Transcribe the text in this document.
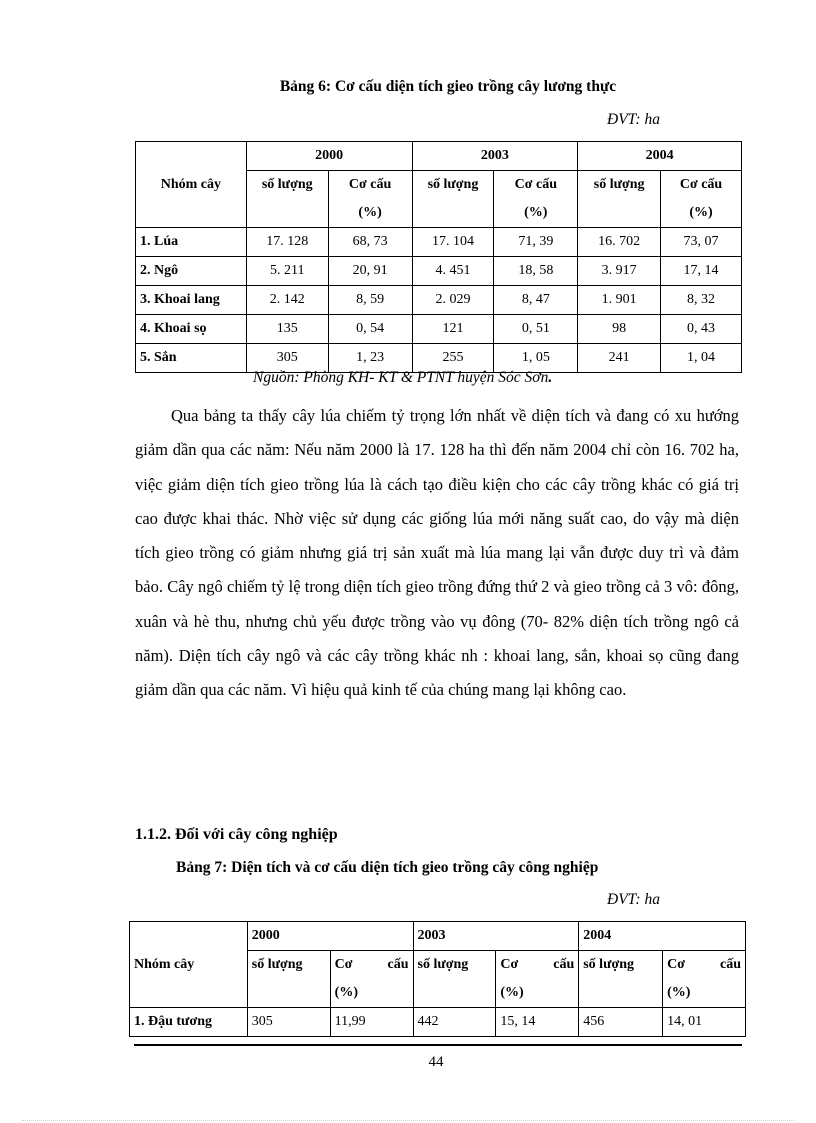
Bảng 6: Cơ cấu diện tích gieo trồng cây lương thực
ĐVT: ha
Nhóm cây	2000		2003		2004	
	số lượng	Cơ cấu	số lượng	Cơ cấu	số lượng	Cơ cấu
		(%)		(%)		(%)
1. Lúa	17. 128	68, 73	17. 104	71, 39	16. 702	73, 07
2. Ngô	5. 211	20, 91	4. 451	18, 58	3. 917	17, 14
3. Khoai lang	2. 142	8, 59	2. 029	8, 47	1. 901	8, 32
4. Khoai sọ	135	0, 54	121	0, 51	98	0, 43
5. Sắn	305	1, 23	255	1, 05	241	1, 04
Nguồn: Phòng KH- KT & PTNT huyện Sóc Sơn.

Qua bảng ta thấy cây lúa chiếm tỷ trọng lớn nhất về diện tích và đang có xu hướng giảm dần qua các năm: Nếu năm 2000 là 17. 128 ha thì đến năm 2004 chỉ còn 16. 702 ha, việc giảm diện tích gieo trồng lúa là cách tạo điều kiện cho các cây trồng khác có giá trị cao được khai thác. Nhờ việc sử dụng các giống lúa mới năng suất cao, do vậy mà diện tích gieo trồng có giảm nhưng giá trị sản xuất mà lúa mang lại vẫn được duy trì và đảm bảo. Cây ngô chiếm tỷ lệ trong diện tích gieo trồng đứng thứ 2 và gieo trồng cả 3 vô: đông, xuân và hè thu, nhưng chủ yếu được trồng vào vụ đông (70- 82% diện tích trồng ngô cả năm). Diện tích cây ngô và các cây trồng khác nh : khoai lang, sắn, khoai sọ cũng đang giảm dần qua các năm. Vì hiệu quả kinh tế của chúng mang lại không cao.

1.1.2. Đối với cây công nghiệp
Bảng 7: Diện tích và cơ cấu diện tích gieo trồng cây công nghiệp
ĐVT: ha
Nhóm cây	2000		2003		2004	
	số lượng	Cơ cấu	số lượng	Cơ cấu	số lượng	Cơ cấu
		(%)		(%)		(%)
1. Đậu tương	305	11,99	442	15, 14	456	14, 01
44
